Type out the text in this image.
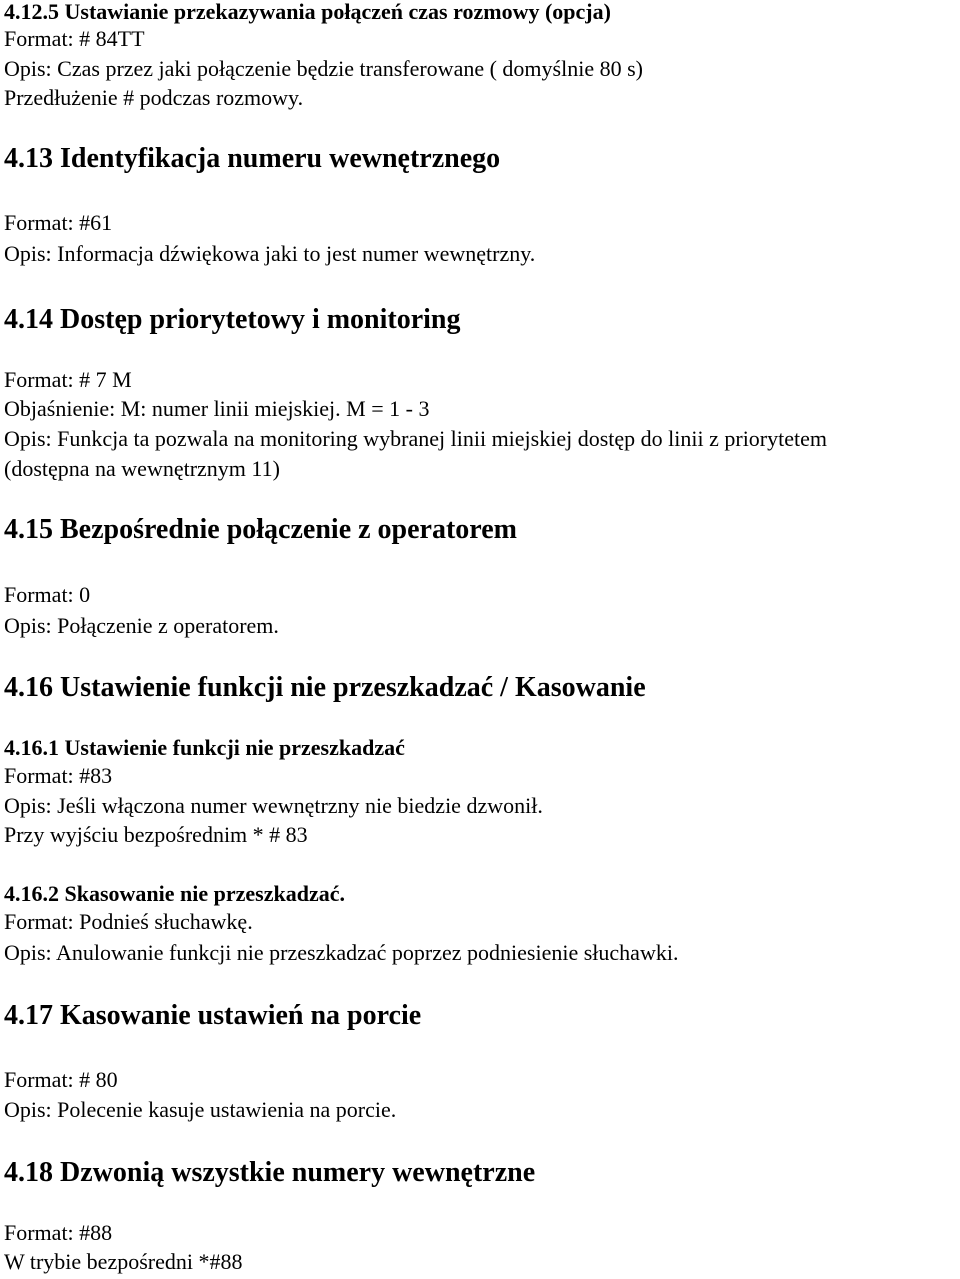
4.12.5 Ustawianie przekazywania połączeń czas rozmowy (opcja)
Format: # 84TT
Opis: Czas przez jaki połączenie będzie transferowane ( domyślnie 80 s)
Przedłużenie # podczas rozmowy.
4.13 Identyfikacja numeru wewnętrznego
Format: #61
Opis: Informacja dźwiękowa jaki to jest numer wewnętrzny.
4.14 Dostęp priorytetowy i monitoring
Format: # 7 M
Objaśnienie: M: numer linii miejskiej. M = 1 - 3
Opis: Funkcja ta pozwala na monitoring wybranej linii miejskiej dostęp do linii z priorytetem
(dostępna na wewnętrznym 11)
4.15 Bezpośrednie połączenie z operatorem
Format: 0
Opis: Połączenie z operatorem.
4.16 Ustawienie funkcji nie przeszkadzać / Kasowanie
4.16.1 Ustawienie funkcji nie przeszkadzać
Format: #83
Opis: Jeśli włączona numer wewnętrzny nie biedzie dzwonił.
Przy wyjściu bezpośrednim * # 83
4.16.2 Skasowanie nie przeszkadzać.
Format: Podnieś słuchawkę.
Opis: Anulowanie funkcji nie przeszkadzać poprzez podniesienie słuchawki.
4.17 Kasowanie ustawień na porcie
Format: # 80
Opis: Polecenie kasuje ustawienia na porcie.
4.18 Dzwonią wszystkie numery wewnętrzne
Format: #88
W trybie bezpośredni *#88
